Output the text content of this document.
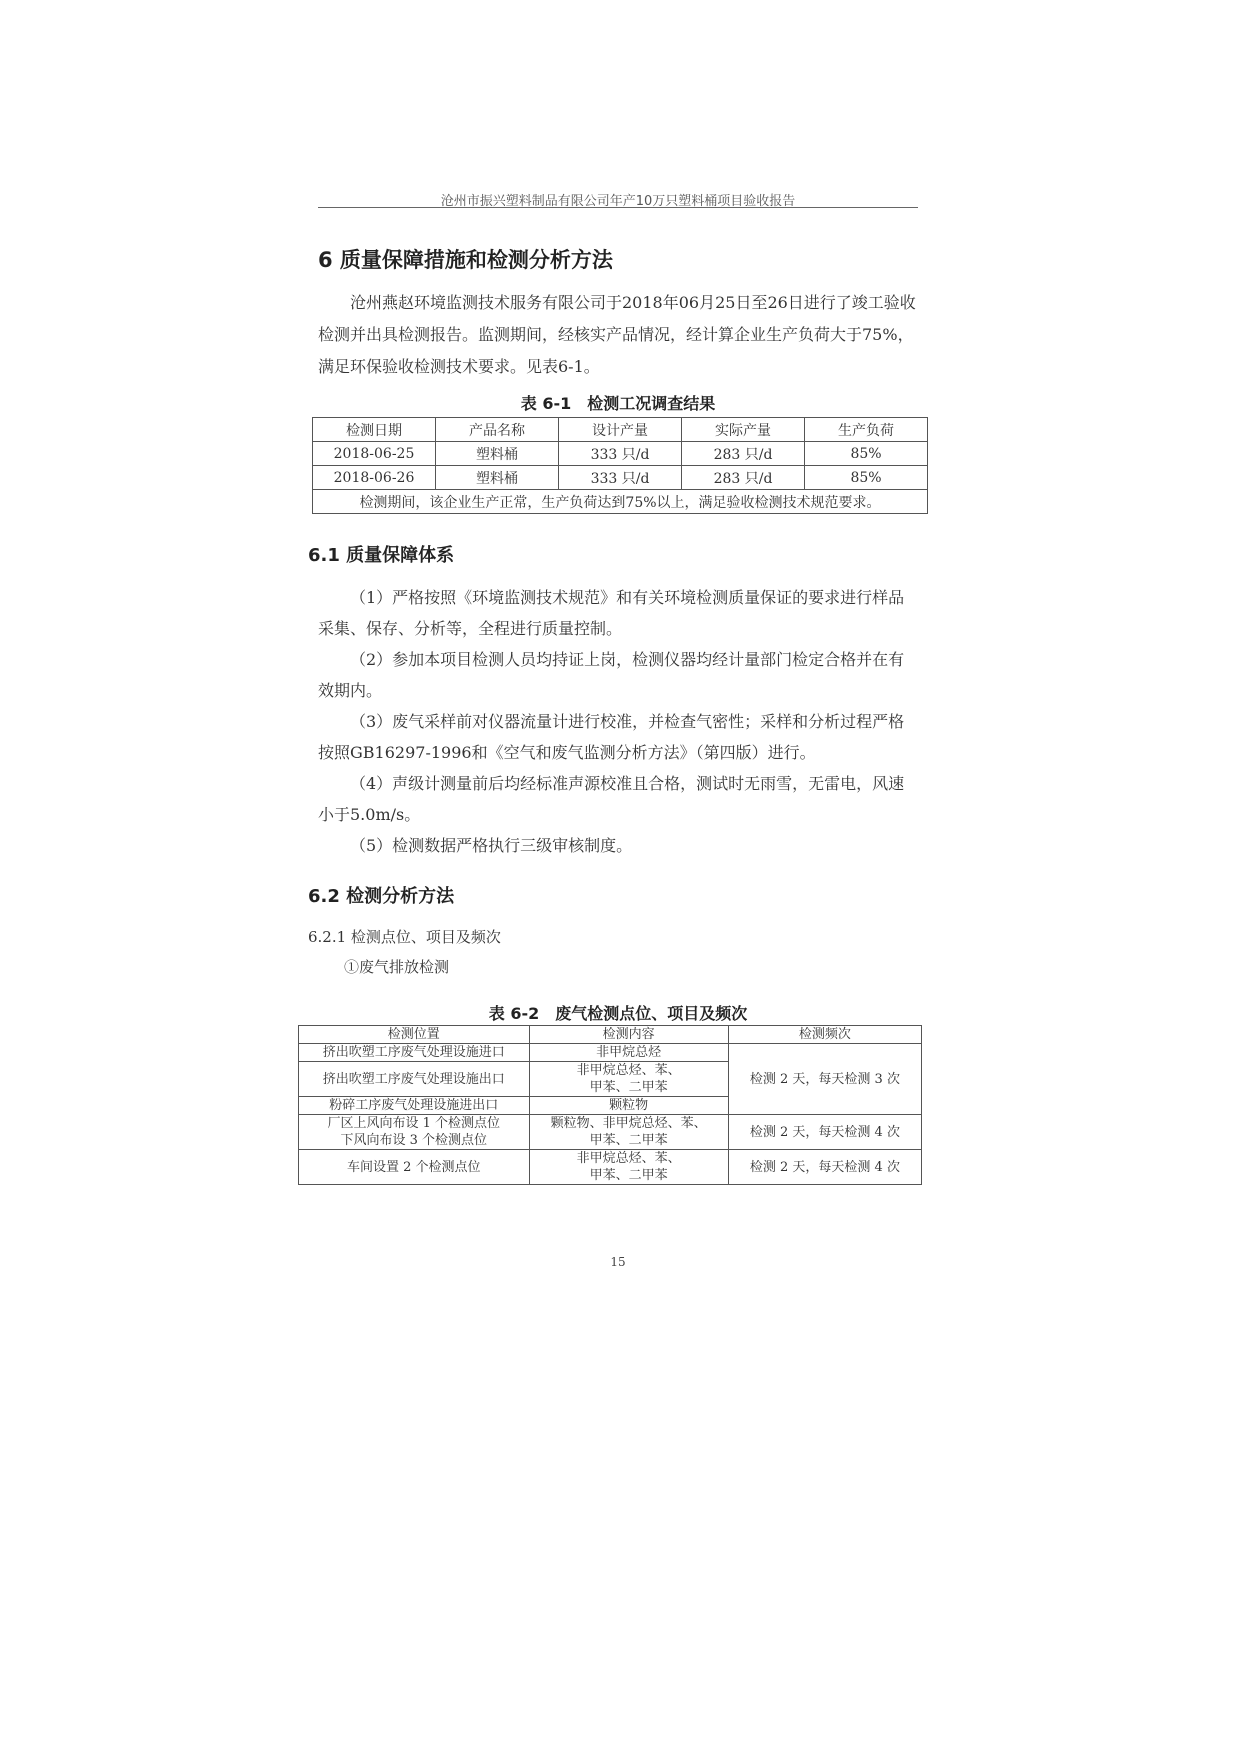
沧州市振兴塑料制品有限公司年产10万只塑料桶项目验收报告
6 质量保障措施和检测分析方法
沧州燕赵环境监测技术服务有限公司于2018年06月25日至26日进行了竣工验收检测并出具检测报告。监测期间，经核实产品情况，经计算企业生产负荷大于75%，满足环保验收检测技术要求。见表6-1。
表 6-1　检测工况调查结果
检测日期	产品名称	设计产量	实际产量	生产负荷
2018-06-25	塑料桶	333 只/d	283 只/d	85%
2018-06-26	塑料桶	333 只/d	283 只/d	85%
检测期间，该企业生产正常，生产负荷达到75%以上，满足验收检测技术规范要求。				
6.1 质量保障体系

（1）严格按照《环境监测技术规范》和有关环境检测质量保证的要求进行样品采集、保存、分析等，全程进行质量控制。

（2）参加本项目检测人员均持证上岗，检测仪器均经计量部门检定合格并在有效期内。

（3）废气采样前对仪器流量计进行校准，并检查气密性；采样和分析过程严格按照GB16297-1996和《空气和废气监测分析方法》（第四版）进行。

（4）声级计测量前后均经标准声源校准且合格，测试时无雨雪，无雷电，风速小于5.0m/s。

（5）检测数据严格执行三级审核制度。

6.2 检测分析方法
6.2.1 检测点位、项目及频次
①废气排放检测
表 6-2　废气检测点位、项目及频次
检测位置	检测内容	检测频次
挤出吹塑工序废气处理设施进口	非甲烷总烃	检测 2 天，每天检测 3 次
挤出吹塑工序废气处理设施出口	非甲烷总烃、苯、
甲苯、二甲苯	
粉碎工序废气处理设施进出口	颗粒物	
厂区上风向布设 1 个检测点位
下风向布设 3 个检测点位	颗粒物、非甲烷总烃、苯、
甲苯、二甲苯	检测 2 天，每天检测 4 次
车间设置 2 个检测点位	非甲烷总烃、苯、
甲苯、二甲苯	检测 2 天，每天检测 4 次
15
